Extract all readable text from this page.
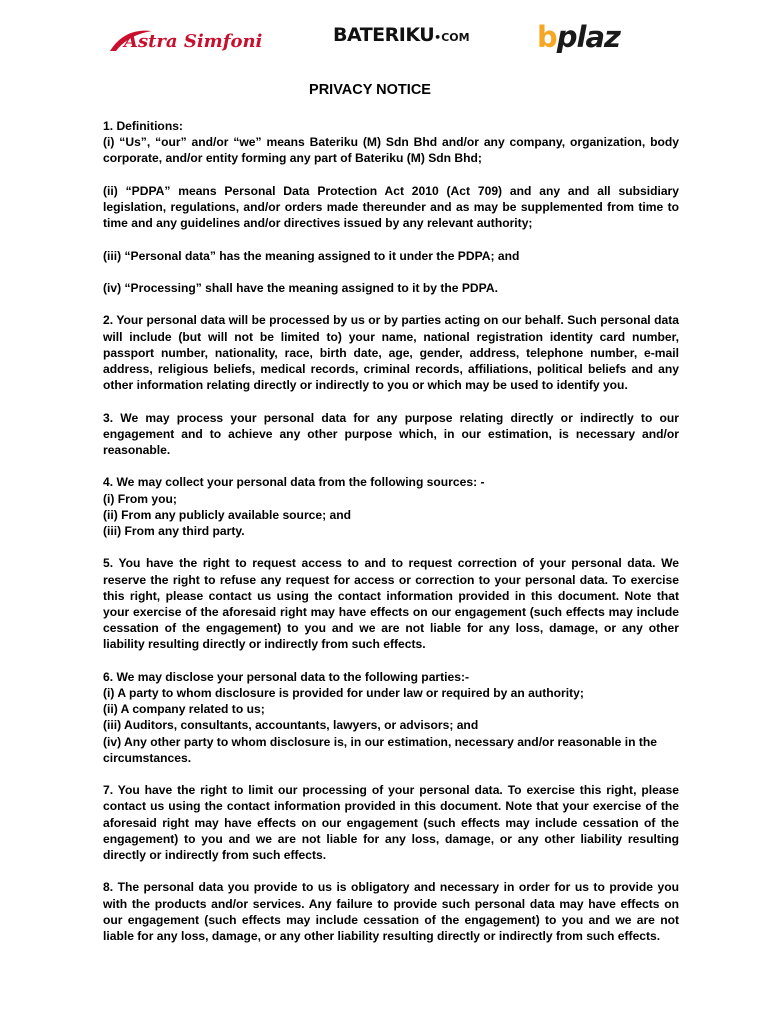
Astra Simfoni	BATERIKU•COM bplaz
PRIVACY NOTICE
1. Definitions:
(i) “Us”, “our” and/or “we” means Bateriku (M) Sdn Bhd and/or any company, organization, body corporate, and/or entity forming any part of Bateriku (M) Sdn Bhd;
(ii) “PDPA” means Personal Data Protection Act 2010 (Act 709) and any and all subsidiary legislation, regulations, and/or orders made thereunder and as may be supplemented from time to time and any guidelines and/or directives issued by any relevant authority;
(iii) “Personal data” has the meaning assigned to it under the PDPA; and
(iv) “Processing” shall have the meaning assigned to it by the PDPA.
2. Your personal data will be processed by us or by parties acting on our behalf. Such personal data will include (but will not be limited to) your name, national registration identity card number, passport number, nationality, race, birth date, age, gender, address, telephone number, e-mail address, religious beliefs, medical records, criminal records, affiliations, political beliefs and any other information relating directly or indirectly to you or which may be used to identify you.
3. We may process your personal data for any purpose relating directly or indirectly to our engagement and to achieve any other purpose which, in our estimation, is necessary and/or reasonable.
4. We may collect your personal data from the following sources: -
(i) From you;
(ii) From any publicly available source; and
(iii) From any third party.
5. You have the right to request access to and to request correction of your personal data. We reserve the right to refuse any request for access or correction to your personal data. To exercise this right, please contact us using the contact information provided in this document. Note that your exercise of the aforesaid right may have effects on our engagement (such effects may include cessation of the engagement) to you and we are not liable for any loss, damage, or any other liability resulting directly or indirectly from such effects.
6. We may disclose your personal data to the following parties:-
(i) A party to whom disclosure is provided for under law or required by an authority;
(ii) A company related to us;
(iii) Auditors, consultants, accountants, lawyers, or advisors; and
(iv) Any other party to whom disclosure is, in our estimation, necessary and/or reasonable in the circumstances.
7. You have the right to limit our processing of your personal data. To exercise this right, please contact us using the contact information provided in this document. Note that your exercise of the aforesaid right may have effects on our engagement (such effects may include cessation of the engagement) to you and we are not liable for any loss, damage, or any other liability resulting directly or indirectly from such effects.
8. The personal data you provide to us is obligatory and necessary in order for us to provide you with the products and/or services. Any failure to provide such personal data may have effects on our engagement (such effects may include cessation of the engagement) to you and we are not liable for any loss, damage, or any other liability resulting directly or indirectly from such effects.
